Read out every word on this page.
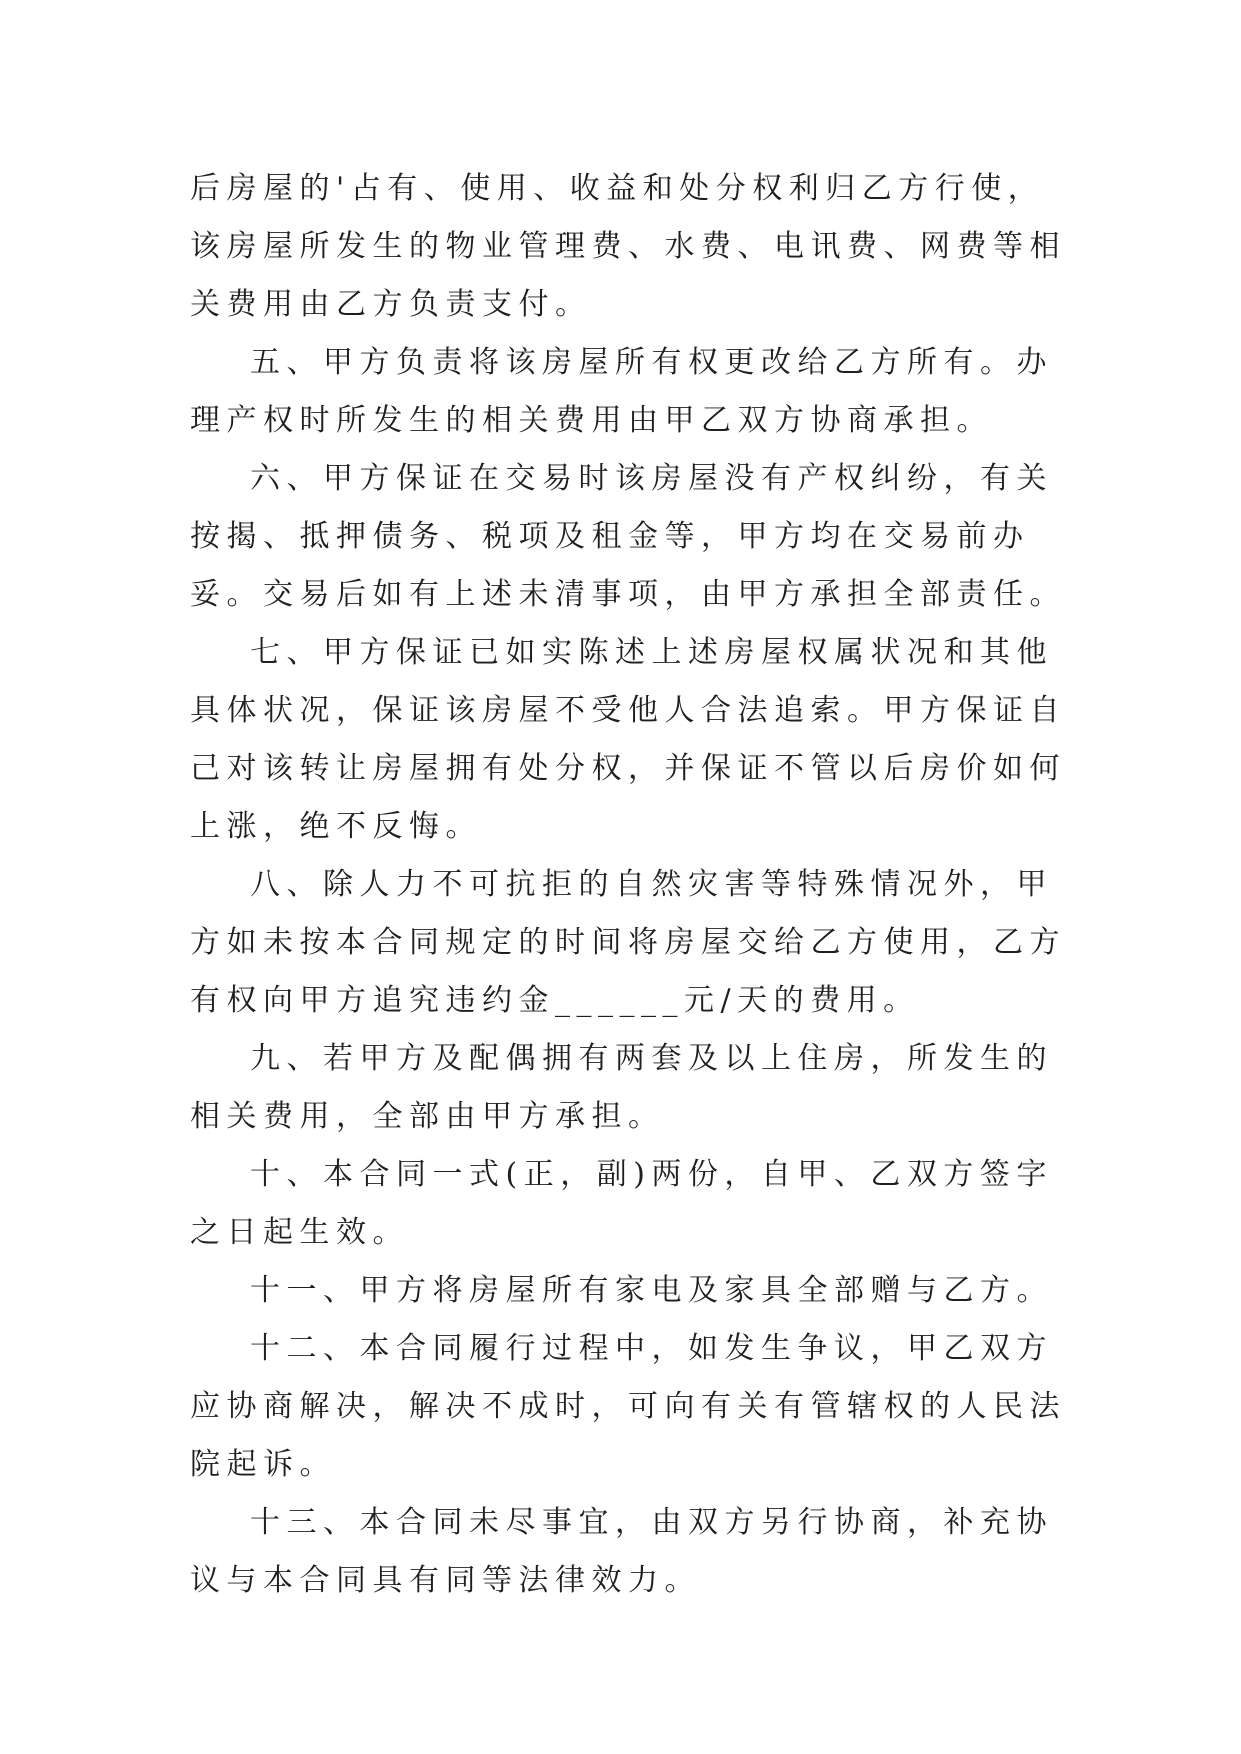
后房屋的'占有、使用、收益和处分权利归乙方行使，该房屋所发生的物业管理费、水费、电讯费、网费等相关费用由乙方负责支付。

五、甲方负责将该房屋所有权更改给乙方所有。办理产权时所发生的相关费用由甲乙双方协商承担。

六、甲方保证在交易时该房屋没有产权纠纷，有关按揭、抵押债务、税项及租金等，甲方均在交易前办妥。交易后如有上述未清事项，由甲方承担全部责任。

七、甲方保证已如实陈述上述房屋权属状况和其他具体状况，保证该房屋不受他人合法追索。甲方保证自己对该转让房屋拥有处分权，并保证不管以后房价如何上涨，绝不反悔。

八、除人力不可抗拒的自然灾害等特殊情况外，甲方如未按本合同规定的时间将房屋交给乙方使用，乙方有权向甲方追究违约金______元/天的费用。

九、若甲方及配偶拥有两套及以上住房，所发生的相关费用，全部由甲方承担。

十、本合同一式(正，副)两份，自甲、乙双方签字之日起生效。

十一、甲方将房屋所有家电及家具全部赠与乙方。

十二、本合同履行过程中，如发生争议，甲乙双方应协商解决，解决不成时，可向有关有管辖权的人民法院起诉。

十三、本合同未尽事宜，由双方另行协商，补充协议与本合同具有同等法律效力。
